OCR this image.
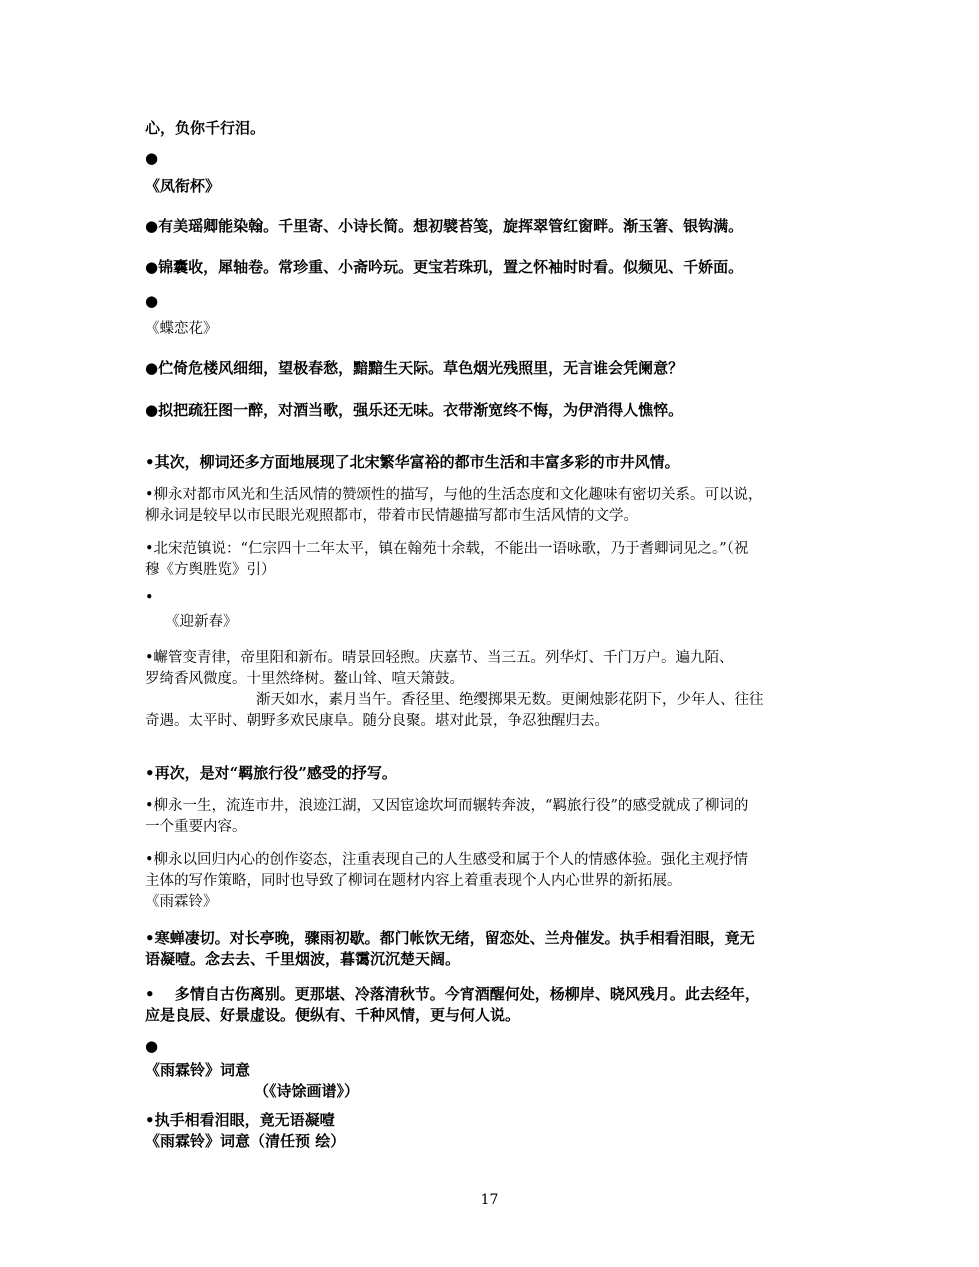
心，负你千行泪。
●
《凤衔杯》
●有美瑶卿能染翰。千里寄、小诗长简。想初襞苔笺，旋挥翠管红窗畔。渐玉箸、银钩满。
●锦囊收，犀轴卷。常珍重、小斋吟玩。更宝若珠玑，置之怀袖时时看。似频见、千娇面。
●
《蝶恋花》
●伫倚危楼风细细，望极春愁，黯黯生天际。草色烟光残照里，无言谁会凭阑意？
●拟把疏狂图一醉，对酒当歌，强乐还无味。衣带渐宽终不悔，为伊消得人憔悴。
•其次，柳词还多方面地展现了北宋繁华富裕的都市生活和丰富多彩的市井风情。
•柳永对都市风光和生活风情的赞颂性的描写，与他的生活态度和文化趣味有密切关系。可以说，
柳永词是较早以市民眼光观照都市，带着市民情趣描写都市生活风情的文学。
•北宋范镇说：“仁宗四十二年太平，镇在翰苑十余载，不能出一语咏歌，乃于耆卿词见之。”（祝
穆《方舆胜览》引）
•
《迎新春》
•嶰管变青律，帝里阳和新布。晴景回轻煦。庆嘉节、当三五。列华灯、千门万户。遍九陌、
罗绮香风微度。十里然绛树。鳌山耸、喧天箫鼓。
渐天如水，素月当午。香径里、绝缨掷果无数。更阑烛影花阴下，少年人、往往
奇遇。太平时、朝野多欢民康阜。随分良聚。堪对此景，争忍独醒归去。
•再次，是对“羁旅行役”感受的抒写。
•柳永一生，流连市井，浪迹江湖，又因宦途坎坷而辗转奔波，“羁旅行役”的感受就成了柳词的
一个重要内容。
•柳永以回归内心的创作姿态，注重表现自己的人生感受和属于个人的情感体验。强化主观抒情
主体的写作策略，同时也导致了柳词在题材内容上着重表现个人内心世界的新拓展。
《雨霖铃》
•寒蝉凄切。对长亭晚，骤雨初歇。都门帐饮无绪，留恋处、兰舟催发。执手相看泪眼，竟无
语凝噎。念去去、千里烟波，暮霭沉沉楚天阔。
•　 多情自古伤离别。更那堪、冷落清秋节。今宵酒醒何处，杨柳岸、晓风残月。此去经年，
应是良辰、好景虚设。便纵有、千种风情，更与何人说。
●
《雨霖铃》词意
（《诗馀画谱》）
•执手相看泪眼，竟无语凝噎
《雨霖铃》词意（清任预 绘）
17
